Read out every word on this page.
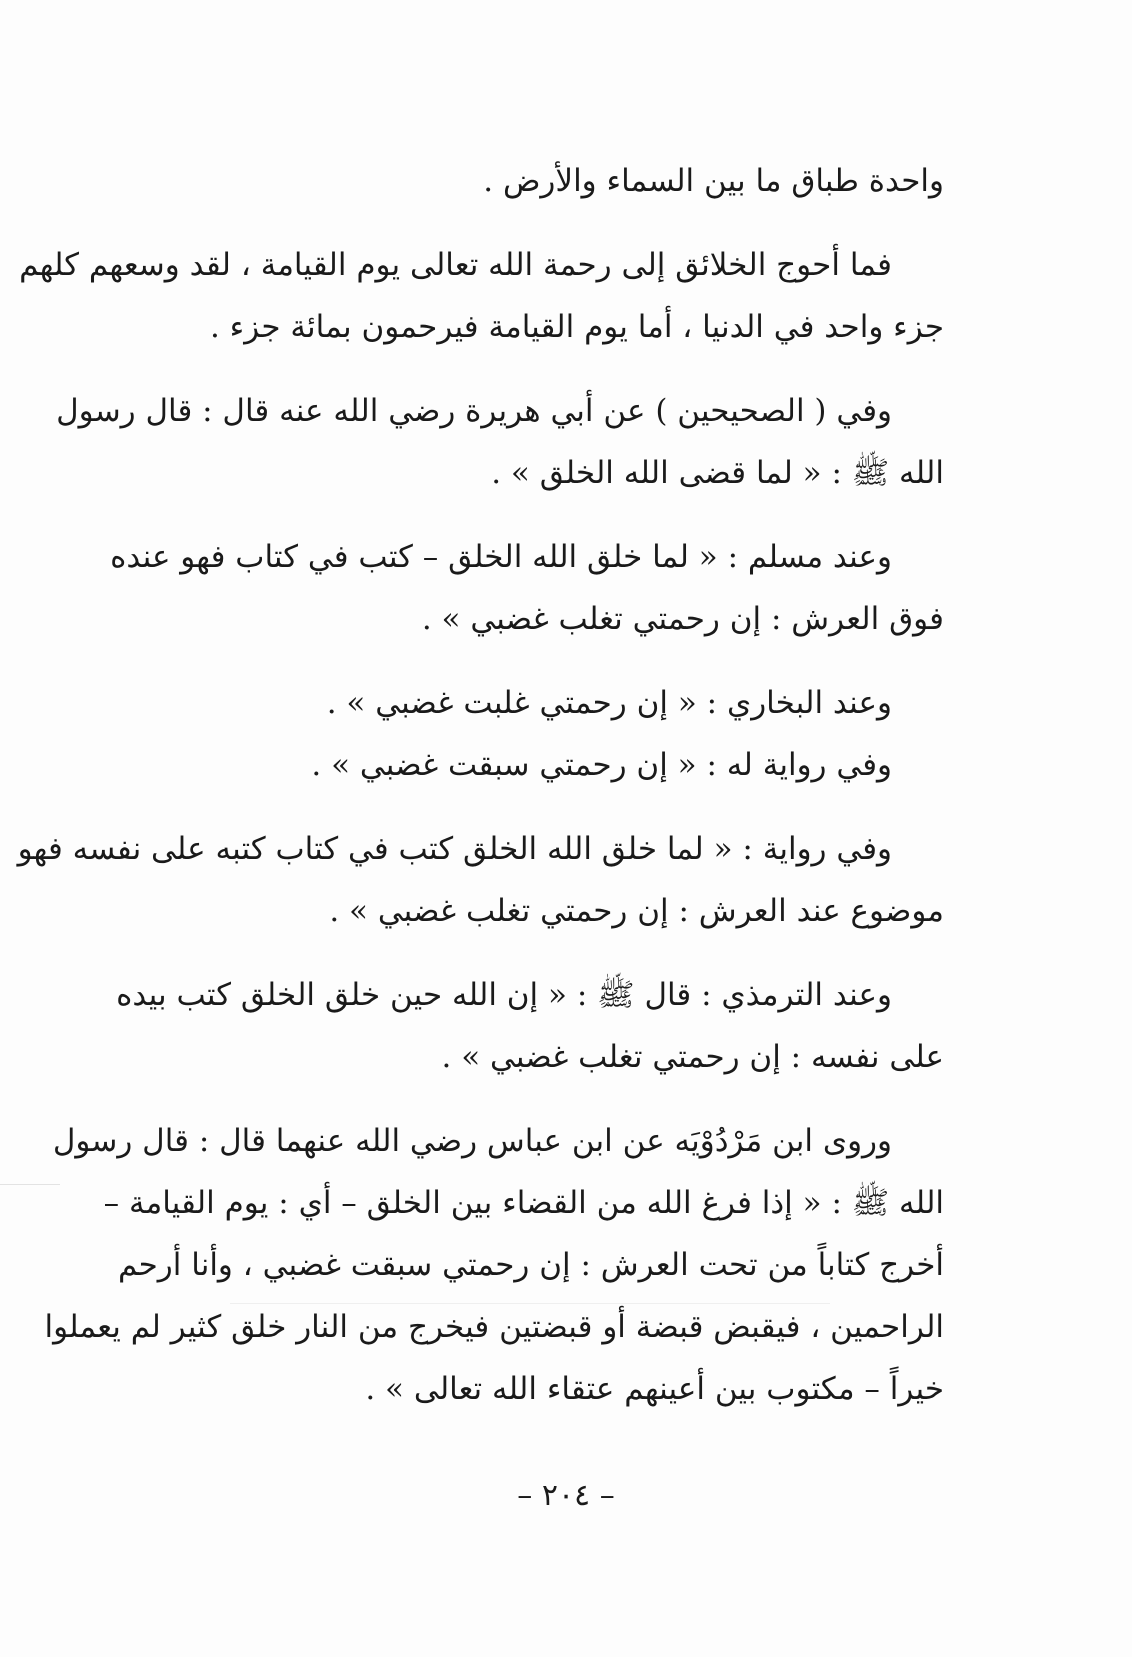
واحدة طباق ما بين السماء والأرض .

فما أحوج الخلائق إلى رحمة الله تعالى يوم القيامة ، لقد وسعهم كلهم
جزء واحد في الدنيا ، أما يوم القيامة فيرحمون بمائة جزء .

وفي ( الصحيحين ) عن أبي هريرة رضي الله عنه قال : قال رسول
الله ﷺ : « لما قضى الله الخلق » .

وعند مسلم : « لما خلق الله الخلق – كتب في كتاب فهو عنده
فوق العرش : إن رحمتي تغلب غضبي » .

وعند البخاري : « إن رحمتي غلبت غضبي » .

وفي رواية له : « إن رحمتي سبقت غضبي » .

وفي رواية : « لما خلق الله الخلق كتب في كتاب كتبه على نفسه فهو
موضوع عند العرش : إن رحمتي تغلب غضبي » .

وعند الترمذي : قال ﷺ : « إن الله حين خلق الخلق كتب بيده
على نفسه : إن رحمتي تغلب غضبي » .

وروى ابن مَرْدُوْيَه عن ابن عباس رضي الله عنهما قال : قال رسول
الله ﷺ : « إذا فرغ الله من القضاء بين الخلق – أي : يوم القيامة –
أخرج كتاباً من تحت العرش : إن رحمتي سبقت غضبي ، وأنا أرحم
الراحمين ، فيقبض قبضة أو قبضتين فيخرج من النار خلق كثير لم يعملوا
خيراً – مكتوب بين أعينهم عتقاء الله تعالى » .

– ٢٠٤ –
